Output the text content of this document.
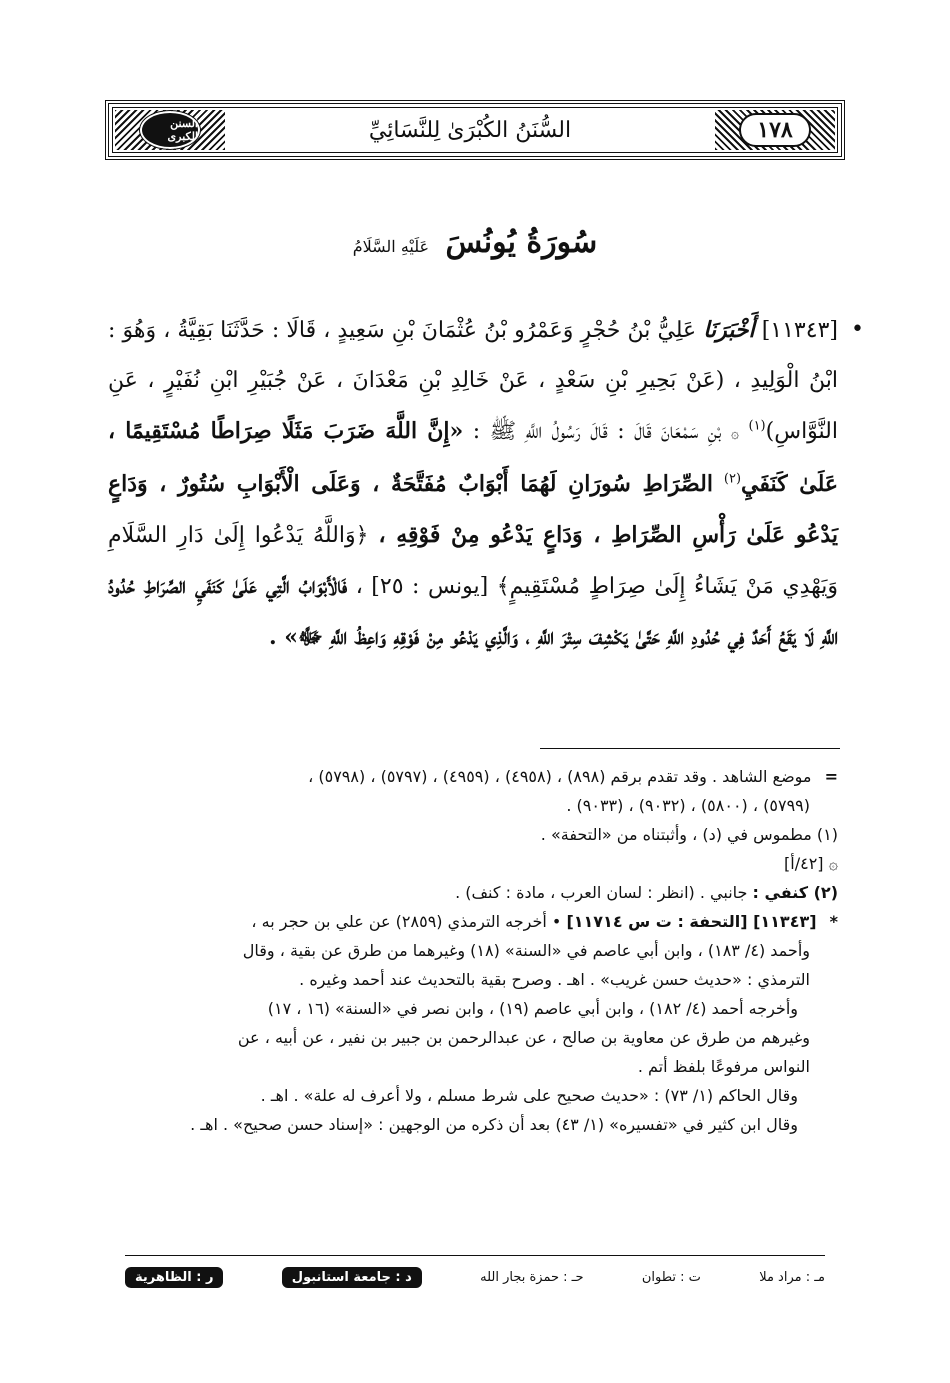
١٧٨
السُّنَنُ الكُبْرَىٰ لِلنَّسَائِيِّ
السنن الكبرى
سُورَةُ يُونُسَ عَلَيْهِ السَّلَامُ
•
[١١٣٤٣] أَخْبَرَنَا عَلِيُّ بْنُ حُجْرٍ وَعَمْرُو بْنُ عُثْمَانَ بْنِ سَعِيدٍ ، قَالَا : حَدَّثَنَا بَقِيَّةُ ، وَهُوَ : ابْنُ الْوَلِيدِ ، (عَنْ بَحِيرِ بْنِ سَعْدٍ ، عَنْ خَالِدِ بْنِ مَعْدَانَ ، عَنْ جُبَيْرِ ابْنِ نُفَيْرٍ ، عَنِ النَّوَّاسِ)$^{(١)}$ ۞ بْنِ سَمْعَانَ قَالَ : قَالَ رَسُولُ اللَّهِ ﷺ : «إِنَّ اللَّهَ ضَرَبَ مَثَلًا صِرَاطًا مُسْتَقِيمًا ، عَلَىٰ كَنَفَيِ$^{(٢)}$ الصِّرَاطِ سُورَانِ لَهُمَا أَبْوَابٌ مُفَتَّحَةٌ ، وَعَلَى الْأَبْوَابِ سُتُورٌ ، وَدَاعٍ يَدْعُو عَلَىٰ رَأْسِ الصِّرَاطِ ، وَدَاعٍ يَدْعُو مِنْ فَوْقِهِ ، ﴿وَاللَّهُ يَدْعُوا إِلَىٰ دَارِ السَّلَامِ وَيَهْدِي مَنْ يَشَاءُ إِلَىٰ صِرَاطٍ مُسْتَقِيمٍ﴾ [يونس : ٢٥] ، فَالْأَبْوَابُ الَّتِي عَلَىٰ كَنَفَيِ الصِّرَاطِ حُدُودُ اللَّهِ لَا يَقَعُ أَحَدٌ فِي حُدُودِ اللَّهِ حَتَّىٰ يَكْشِفَ سِتْرَ اللَّهِ ، وَالَّذِي يَدْعُو مِنْ فَوْقِهِ وَاعِظُ اللَّهِ ﷻ» .

= موضع الشاهد . وقد تقدم برقم (٨٩٨) ، (٤٩٥٨) ، (٤٩٥٩) ، (٥٧٩٧) ، (٥٧٩٨) ،

(٥٧٩٩) ، (٥٨٠٠) ، (٩٠٣٢) ، (٩٠٣٣) .

(١) مطموس في (د) ، وأثبتناه من «التحفة» .

۞ [٤٢/أ]

(٢) كنفي : جانبي . (انظر : لسان العرب ، مادة : كنف) .

* [١١٣٤٣] [التحفة : ت س ١١٧١٤] • أخرجه الترمذي (٢٨٥٩) عن علي بن حجر به ،

وأحمد (٤/ ١٨٣) ، وابن أبي عاصم في «السنة» (١٨) وغيرهما من طرق عن بقية ، وقال

الترمذي : «حديث حسن غريب» . اهـ . وصرح بقية بالتحديث عند أحمد وغيره .

وأخرجه أحمد (٤/ ١٨٢) ، وابن أبي عاصم (١٩) ، وابن نصر في «السنة» (١٦ ، ١٧)

وغيرهم من طرق عن معاوية بن صالح ، عن عبدالرحمن بن جبير بن نفير ، عن أبيه ، عن

النواس مرفوعًا بلفظ أتم .

وقال الحاكم (١/ ٧٣) : «حديث صحيح على شرط مسلم ، ولا أعرف له علة» . اهـ .

وقال ابن كثير في «تفسيره» (١/ ٤٣) بعد أن ذكره من الوجهين : «إسناد حسن صحيح» . اهـ .

مـ : مراد ملا
ت : تطوان
حـ : حمزة بجار الله
د : جامعة استانبول
ر : الظاهرية
